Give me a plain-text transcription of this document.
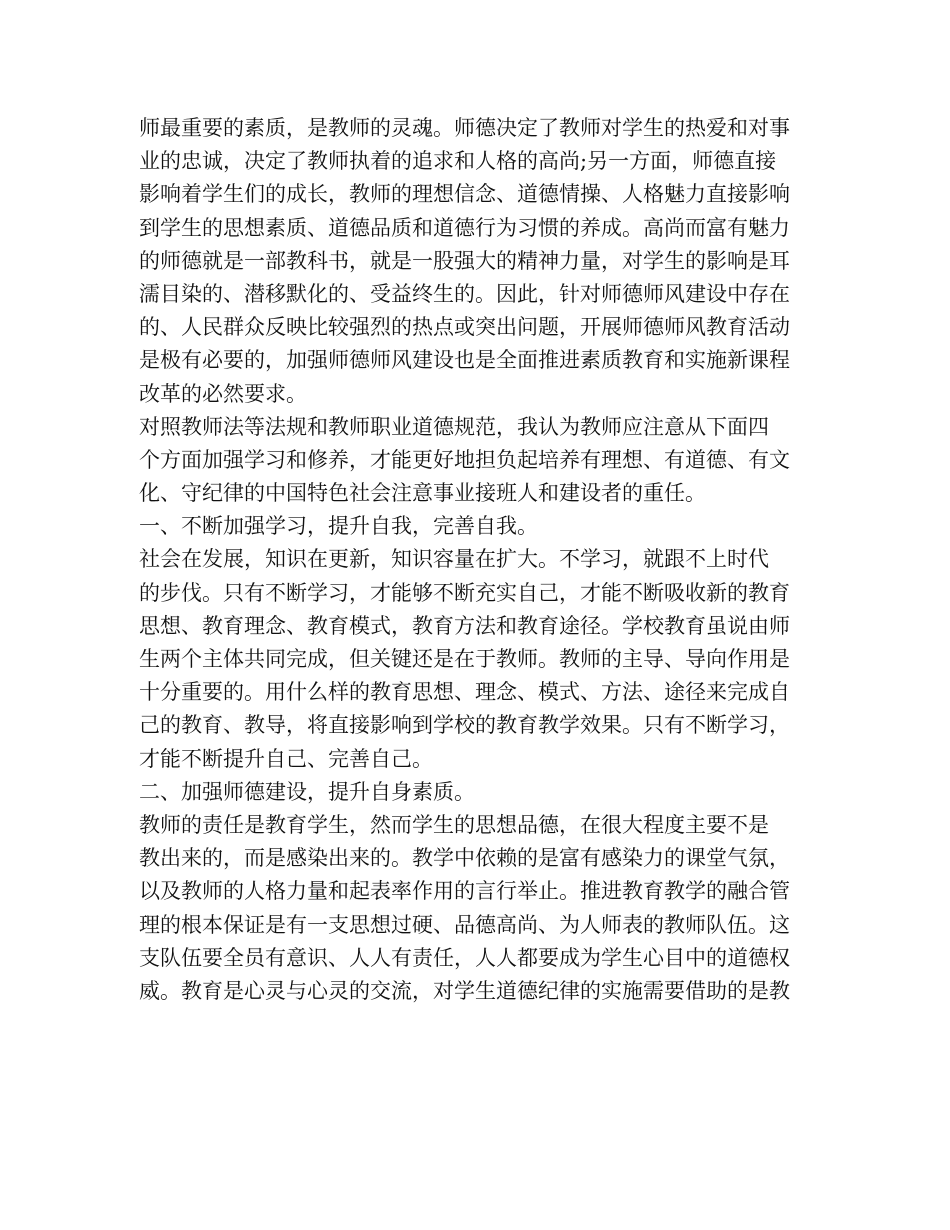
师最重要的素质，是教师的灵魂。师德决定了教师对学生的热爱和对事
业的忠诚，决定了教师执着的追求和人格的高尚;另一方面，师德直接
影响着学生们的成长，教师的理想信念、道德情操、人格魅力直接影响
到学生的思想素质、道德品质和道德行为习惯的养成。高尚而富有魅力
的师德就是一部教科书，就是一股强大的精神力量，对学生的影响是耳
濡目染的、潜移默化的、受益终生的。因此，针对师德师风建设中存在
的、人民群众反映比较强烈的热点或突出问题，开展师德师风教育活动
是极有必要的，加强师德师风建设也是全面推进素质教育和实施新课程
改革的必然要求。
对照教师法等法规和教师职业道德规范，我认为教师应注意从下面四
个方面加强学习和修养，才能更好地担负起培养有理想、有道德、有文
化、守纪律的中国特色社会注意事业接班人和建设者的重任。
一、不断加强学习，提升自我，完善自我。
社会在发展，知识在更新，知识容量在扩大。不学习，就跟不上时代
的步伐。只有不断学习，才能够不断充实自己，才能不断吸收新的教育
思想、教育理念、教育模式，教育方法和教育途径。学校教育虽说由师
生两个主体共同完成，但关键还是在于教师。教师的主导、导向作用是
十分重要的。用什么样的教育思想、理念、模式、方法、途径来完成自
己的教育、教导，将直接影响到学校的教育教学效果。只有不断学习，
才能不断提升自己、完善自己。
二、加强师德建设，提升自身素质。
教师的责任是教育学生，然而学生的思想品德，在很大程度主要不是
教出来的，而是感染出来的。教学中依赖的是富有感染力的课堂气氛，
以及教师的人格力量和起表率作用的言行举止。推进教育教学的融合管
理的根本保证是有一支思想过硬、品德高尚、为人师表的教师队伍。这
支队伍要全员有意识、人人有责任，人人都要成为学生心目中的道德权
威。教育是心灵与心灵的交流，对学生道德纪律的实施需要借助的是教
